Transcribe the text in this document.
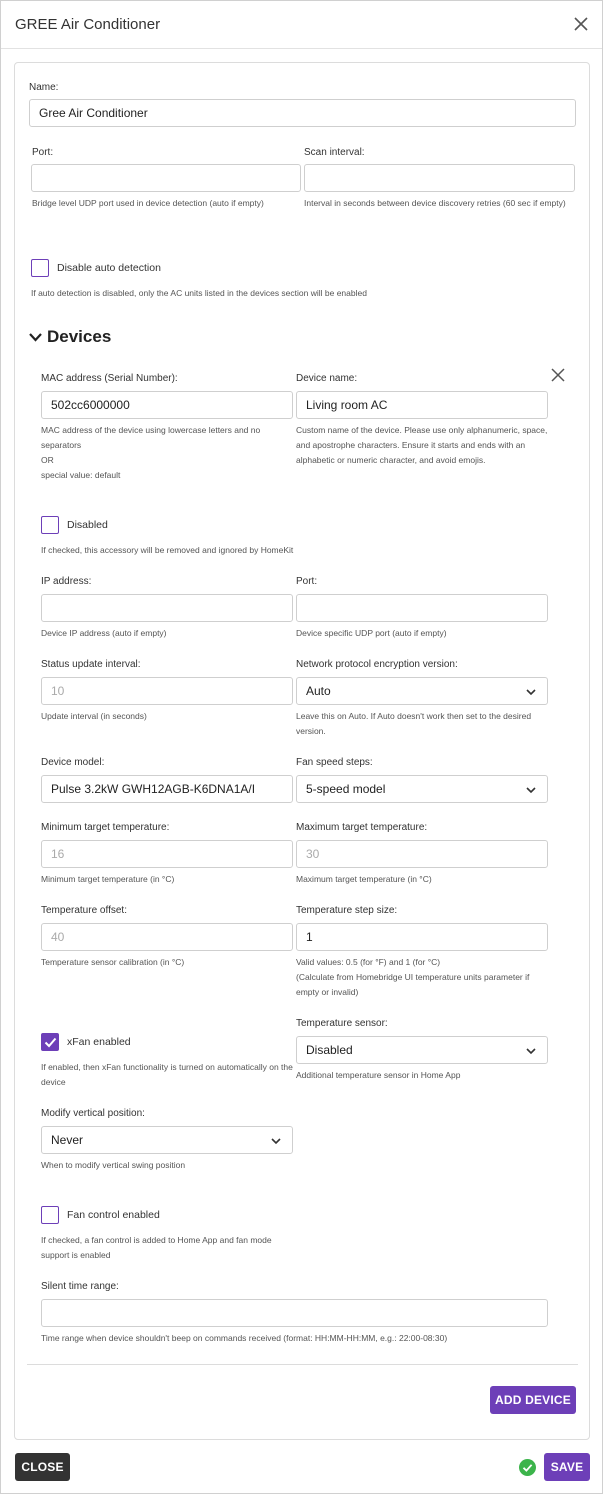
GREE Air Conditioner
Name:
Gree Air Conditioner
Port:
Bridge level UDP port used in device detection (auto if empty)
Scan interval:
Interval in seconds between device discovery retries (60 sec if empty)
Disable auto detection
If auto detection is disabled, only the AC units listed in the devices section will be enabled
Devices
MAC address (Serial Number):
502cc6000000
MAC address of the device using lowercase letters and no separators
OR
special value: default
Device name:
Living room AC
Custom name of the device. Please use only alphanumeric, space, and apostrophe characters. Ensure it starts and ends with an alphabetic or numeric character, and avoid emojis.
Disabled
If checked, this accessory will be removed and ignored by HomeKit
IP address:
Device IP address (auto if empty)
Port:
Device specific UDP port (auto if empty)
Status update interval:
10
Update interval (in seconds)
Network protocol encryption version:
Auto
Leave this on Auto. If Auto doesn't work then set to the desired version.
Device model:
Pulse 3.2kW GWH12AGB-K6DNA1A/I
Fan speed steps:
5-speed model
Minimum target temperature:
16
Minimum target temperature (in °C)
Maximum target temperature:
30
Maximum target temperature (in °C)
Temperature offset:
40
Temperature sensor calibration (in °C)
Temperature step size:
1
Valid values: 0.5 (for °F) and 1 (for °C)
(Calculate from Homebridge UI temperature units parameter if empty or invalid)
xFan enabled
If enabled, then xFan functionality is turned on automatically on the device
Temperature sensor:
Disabled
Additional temperature sensor in Home App
Modify vertical position:
Never
When to modify vertical swing position
Fan control enabled
If checked, a fan control is added to Home App and fan mode support is enabled
Silent time range:
Time range when device shouldn't beep on commands received (format: HH:MM-HH:MM, e.g.: 22:00-08:30)
ADD DEVICE
CLOSE	SAVE
